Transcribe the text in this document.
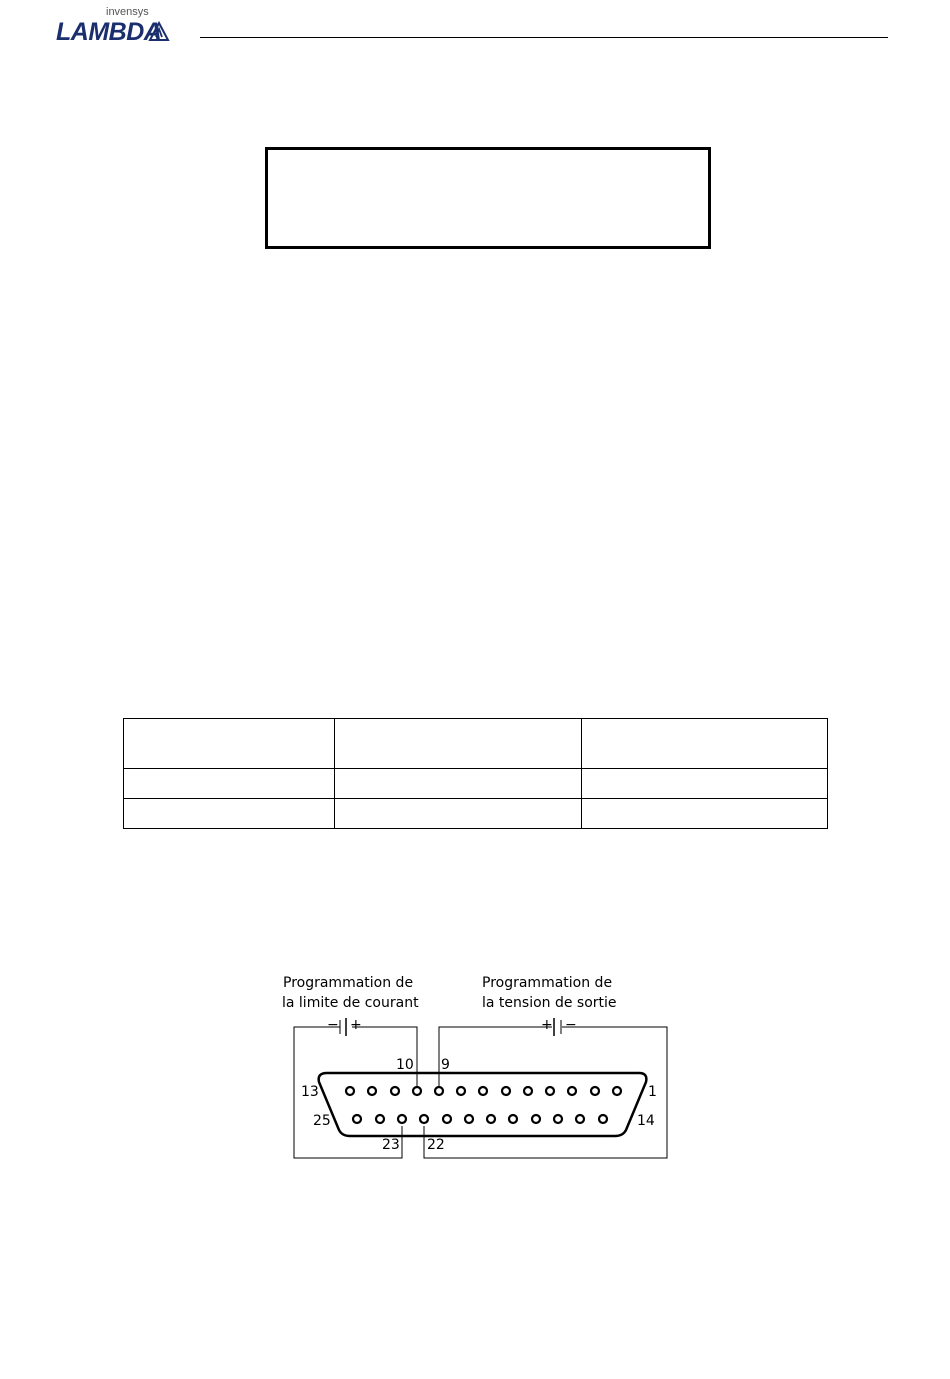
invensys
LAMBDA

Programmation de
la limite de courant
Programmation de
la tension de sortie
− +	+ −
10 9
13	1
25	14
23 22
